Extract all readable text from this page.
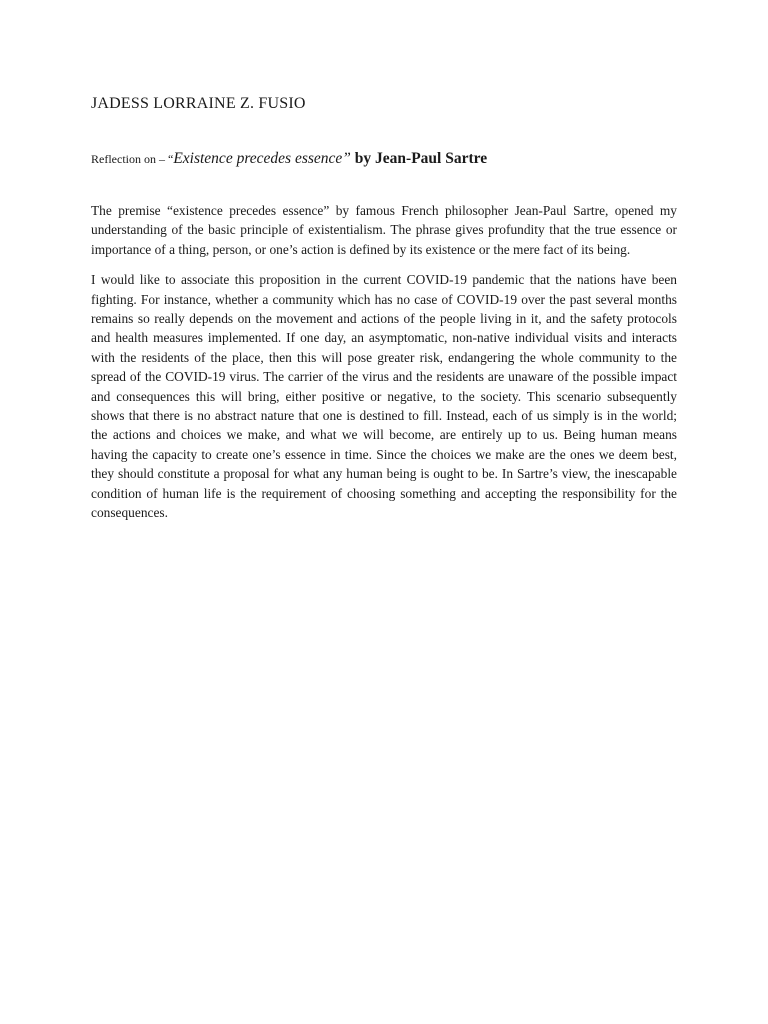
JADESS LORRAINE Z. FUSIO

Reflection on – “Existence precedes essence” by Jean-Paul Sartre

The premise “existence precedes essence” by famous French philosopher Jean-Paul Sartre, opened my understanding of the basic principle of existentialism. The phrase gives profundity that the true essence or importance of a thing, person, or one’s action is defined by its existence or the mere fact of its being.

I would like to associate this proposition in the current COVID-19 pandemic that the nations have been fighting. For instance, whether a community which has no case of COVID-19 over the past several months remains so really depends on the movement and actions of the people living in it, and the safety protocols and health measures implemented. If one day, an asymptomatic, non-native individual visits and interacts with the residents of the place, then this will pose greater risk, endangering the whole community to the spread of the COVID-19 virus. The carrier of the virus and the residents are unaware of the possible impact and consequences this will bring, either positive or negative, to the society. This scenario subsequently shows that there is no abstract nature that one is destined to fill. Instead, each of us simply is in the world; the actions and choices we make, and what we will become, are entirely up to us. Being human means having the capacity to create one’s essence in time. Since the choices we make are the ones we deem best, they should constitute a proposal for what any human being is ought to be. In Sartre’s view, the inescapable condition of human life is the requirement of choosing something and accepting the responsibility for the consequences.
